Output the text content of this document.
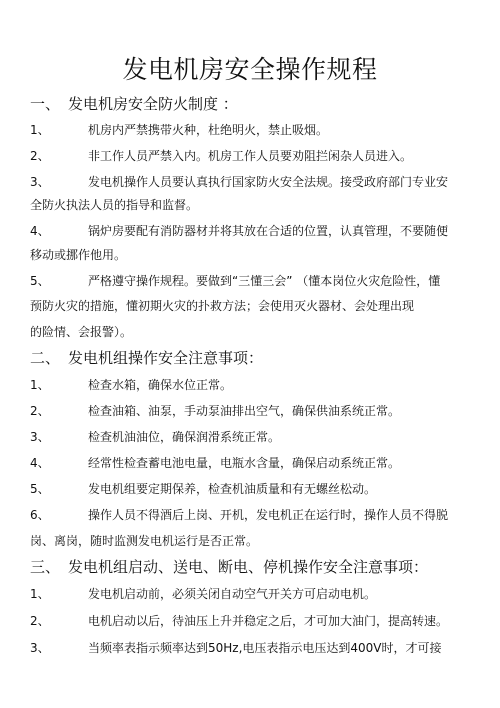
发电机房安全操作规程
一、 发电机房安全防火制度 ：
1、	机房内严禁携带火种，杜绝明火，禁止吸烟。
2、	非工作人员严禁入内。机房工作人员要劝阻拦闲杂人员进入。
3、	发电机操作人员要认真执行国家防火安全法规。接受政府部门专业安
全防火执法人员的指导和监督。
4、	锅炉房要配有消防器材并将其放在合适的位置，认真管理，不要随便
移动或挪作他用。
5、	严格遵守操作规程。要做到“三懂三会” （懂本岗位火灾危险性，懂
预防火灾的措施，懂初期火灾的扑救方法；会使用灭火器材、会处理出现
的险情、会报警）。
二、 发电机组操作安全注意事项：
1、	检查水箱，确保水位正常。
2、	检查油箱、油泵，手动泵油排出空气，确保供油系统正常。
3、	检查机油油位，确保润滑系统正常。
4、	经常性检查蓄电池电量，电瓶水含量，确保启动系统正常。
5、	发电机组要定期保养，检查机油质量和有无螺丝松动。
6、	操作人员不得酒后上岗、开机，发电机正在运行时，操作人员不得脱
岗、离岗，随时监测发电机运行是否正常。
三、 发电机组启动、送电、断电、停机操作安全注意事项：
1、	发电机启动前，必须关闭自动空气开关方可启动电机。
2、	电机启动以后，待油压上升并稳定之后，才可加大油门，提高转速。
3、	当频率表指示频率达到50Hz,电压表指示电压达到400V时，才可接
